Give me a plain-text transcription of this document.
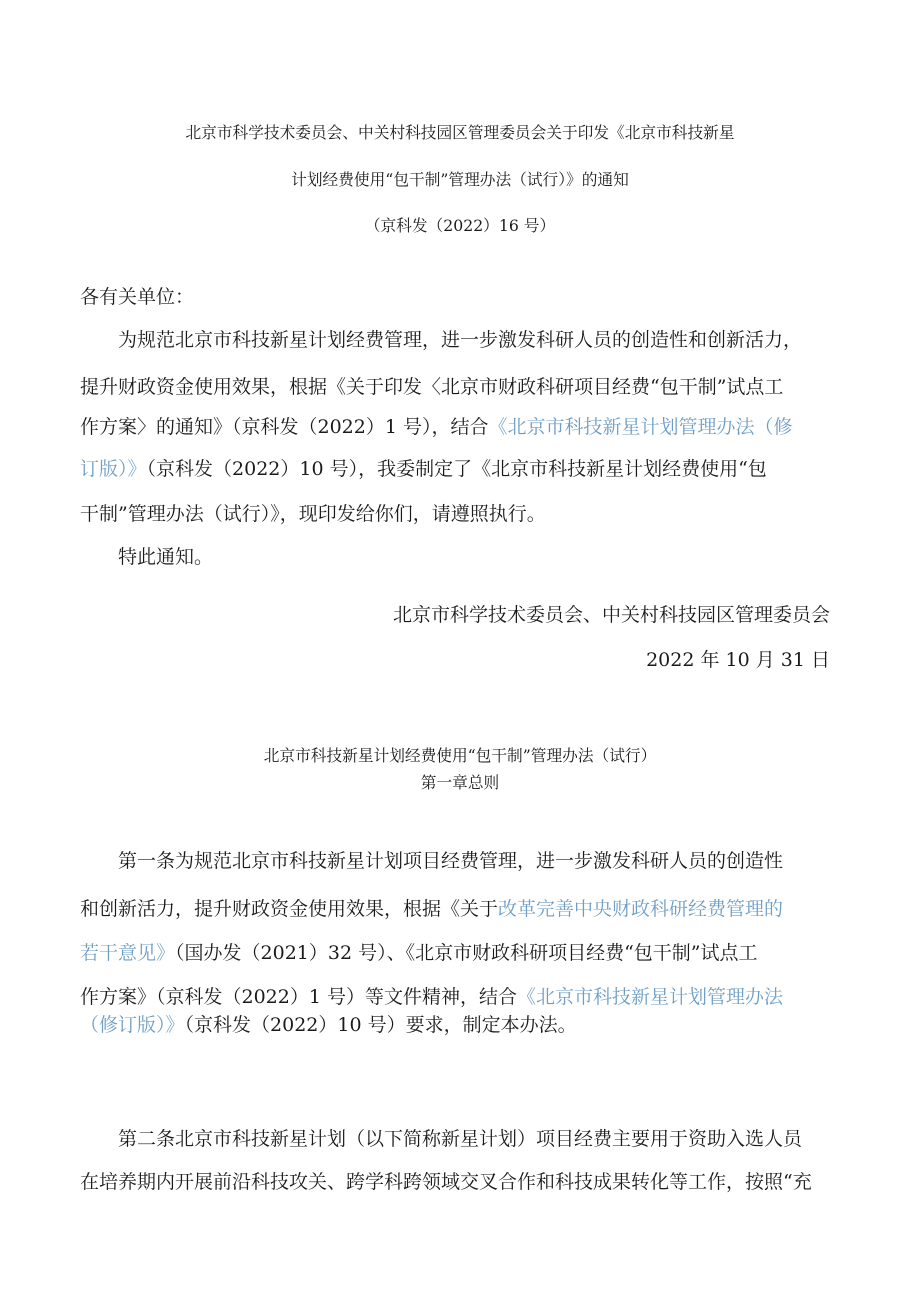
北京市科学技术委员会、中关村科技园区管理委员会关于印发《北京市科技新星
计划经费使用“包干制”管理办法（试行）》的通知
（京科发（2022）16 号）
各有关单位：
为规范北京市科技新星计划经费管理，进一步激发科研人员的创造性和创新活力，
提升财政资金使用效果，根据《关于印发〈北京市财政科研项目经费“包干制”试点工
作方案〉的通知》（京科发（2022）1 号），结合《北京市科技新星计划管理办法（修
订版）》（京科发（2022）10 号），我委制定了《北京市科技新星计划经费使用“包
干制”管理办法（试行）》，现印发给你们，请遵照执行。
特此通知。
北京市科学技术委员会、中关村科技园区管理委员会
2022 年 10 月 31 日
北京市科技新星计划经费使用“包干制”管理办法（试行）
第一章总则
第一条为规范北京市科技新星计划项目经费管理，进一步激发科研人员的创造性
和创新活力，提升财政资金使用效果，根据《关于改革完善中央财政科研经费管理的
若干意见》（国办发（2021）32 号）、《北京市财政科研项目经费“包干制”试点工
作方案》（京科发（2022）1 号）等文件精神，结合《北京市科技新星计划管理办法
（修订版）》（京科发（2022）10 号）要求，制定本办法。
第二条北京市科技新星计划（以下简称新星计划）项目经费主要用于资助入选人员
在培养期内开展前沿科技攻关、跨学科跨领域交叉合作和科技成果转化等工作，按照“充
